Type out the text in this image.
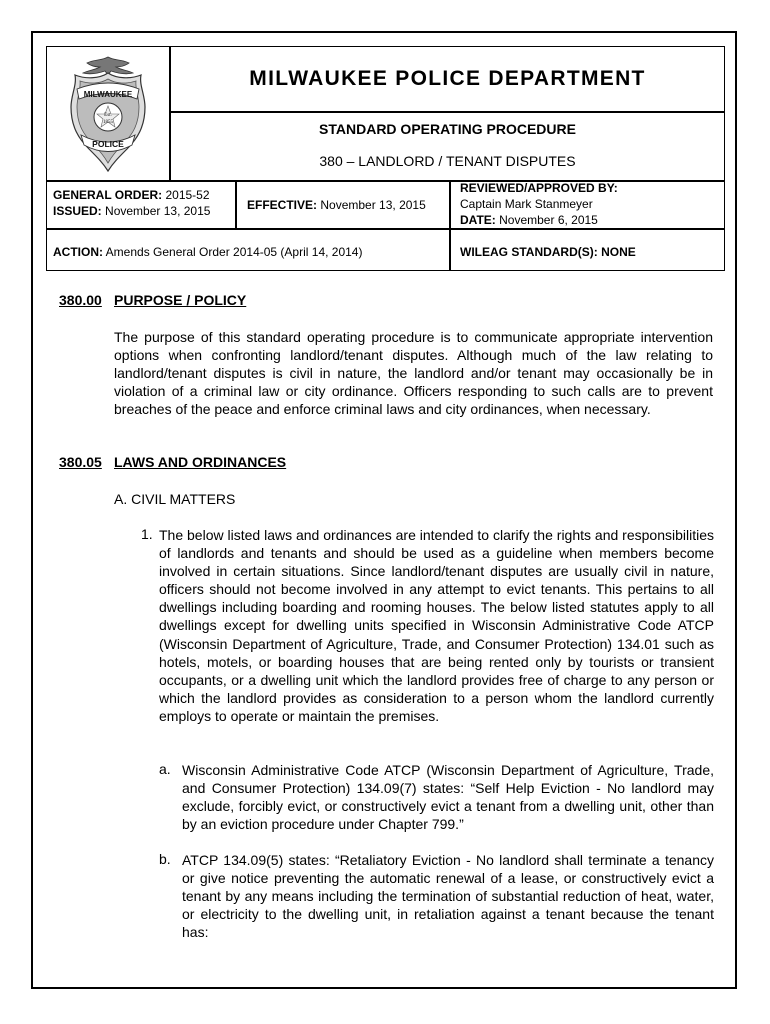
MILWAUKEE
Est.
1855
POLICE
MILWAUKEE POLICE DEPARTMENT
STANDARD OPERATING PROCEDURE
380 – LANDLORD / TENANT DISPUTES
GENERAL ORDER: 2015-52
ISSUED: November 13, 2015	EFFECTIVE: November 13, 2015
REVIEWED/APPROVED BY:
Captain Mark Stanmeyer
DATE: November 6, 2015
ACTION: Amends General Order 2014-05 (April 14, 2014)	WILEAG STANDARD(S): NONE
380.00 PURPOSE / POLICY
The purpose of this standard operating procedure is to communicate appropriate intervention options when confronting landlord/tenant disputes. Although much of the law relating to landlord/tenant disputes is civil in nature, the landlord and/or tenant may occasionally be in violation of a criminal law or city ordinance. Officers responding to such calls are to prevent breaches of the peace and enforce criminal laws and city ordinances, when necessary.
380.05 LAWS AND ORDINANCES
A. CIVIL MATTERS
1. The below listed laws and ordinances are intended to clarify the rights and responsibilities of landlords and tenants and should be used as a guideline when members become involved in certain situations. Since landlord/tenant disputes are usually civil in nature, officers should not become involved in any attempt to evict tenants. This pertains to all dwellings including boarding and rooming houses. The below listed statutes apply to all dwellings except for dwelling units specified in Wisconsin Administrative Code ATCP (Wisconsin Department of Agriculture, Trade, and Consumer Protection) 134.01 such as hotels, motels, or boarding houses that are being rented only by tourists or transient occupants, or a dwelling unit which the landlord provides free of charge to any person or which the landlord provides as consideration to a person whom the landlord currently employs to operate or maintain the premises.
a. Wisconsin Administrative Code ATCP (Wisconsin Department of Agriculture, Trade, and Consumer Protection) 134.09(7) states: “Self Help Eviction - No landlord may exclude, forcibly evict, or constructively evict a tenant from a dwelling unit, other than by an eviction procedure under Chapter 799.”
b. ATCP 134.09(5) states: “Retaliatory Eviction - No landlord shall terminate a tenancy or give notice preventing the automatic renewal of a lease, or constructively evict a tenant by any means including the termination of substantial reduction of heat, water, or electricity to the dwelling unit, in retaliation against a tenant because the tenant has:
